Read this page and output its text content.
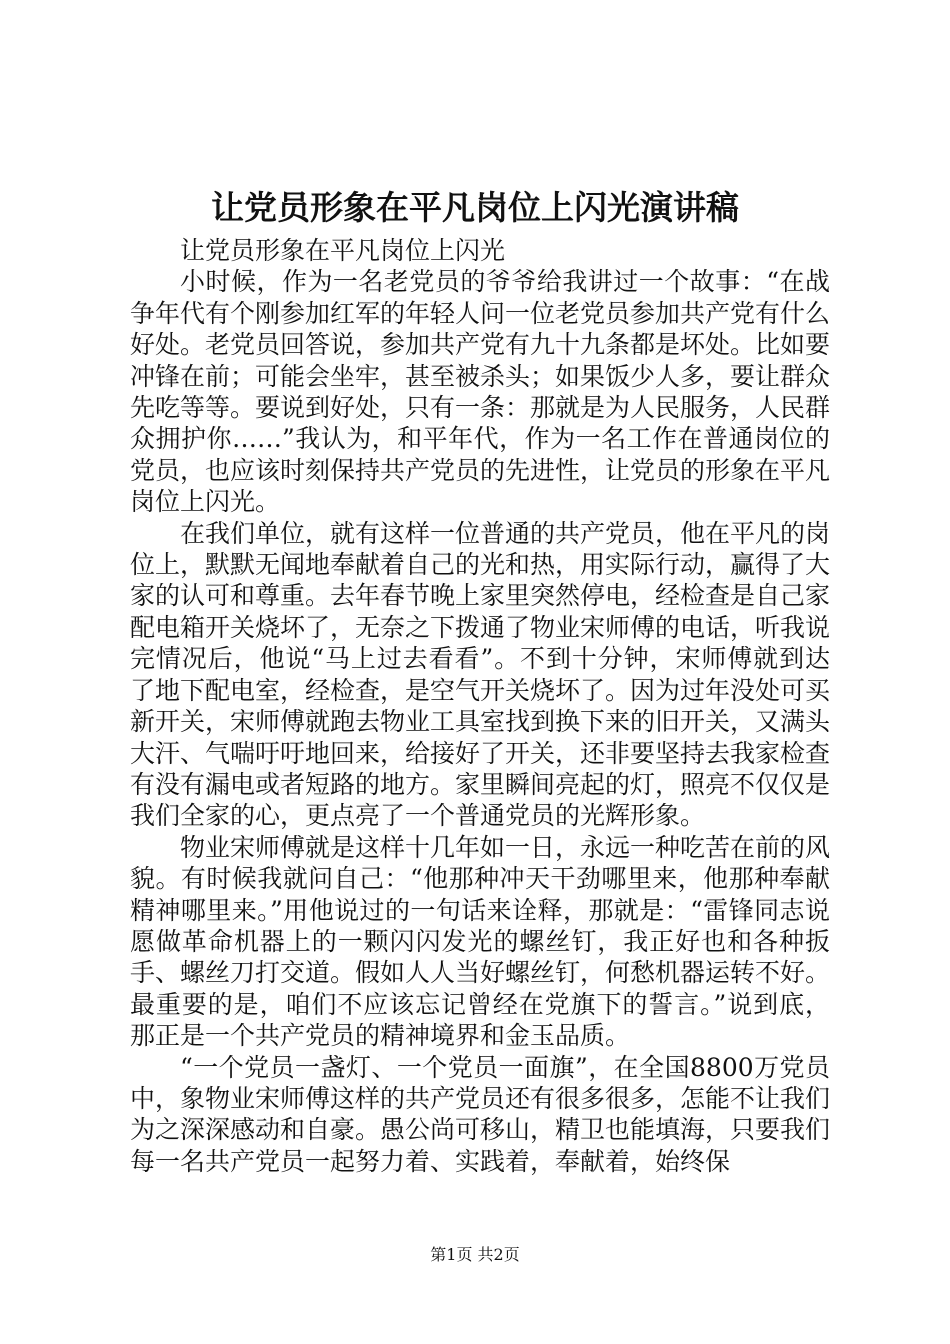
让党员形象在平凡岗位上闪光演讲稿

让党员形象在平凡岗位上闪光

小时候，作为一名老党员的爷爷给我讲过一个故事：“在战争年代有个刚参加红军的年轻人问一位老党员参加共产党有什么好处。老党员回答说，参加共产党有九十九条都是坏处。比如要冲锋在前；可能会坐牢，甚至被杀头；如果饭少人多，要让群众先吃等等。要说到好处，只有一条：那就是为人民服务，人民群众拥护你……”我认为，和平年代，作为一名工作在普通岗位的党员，也应该时刻保持共产党员的先进性，让党员的形象在平凡岗位上闪光。

在我们单位，就有这样一位普通的共产党员，他在平凡的岗位上，默默无闻地奉献着自己的光和热，用实际行动，赢得了大家的认可和尊重。去年春节晚上家里突然停电，经检查是自己家配电箱开关烧坏了，无奈之下拨通了物业宋师傅的电话，听我说完情况后，他说“马上过去看看”。不到十分钟，宋师傅就到达了地下配电室，经检查，是空气开关烧坏了。因为过年没处可买新开关，宋师傅就跑去物业工具室找到换下来的旧开关，又满头大汗、气喘吁吁地回来，给接好了开关，还非要坚持去我家检查有没有漏电或者短路的地方。家里瞬间亮起的灯，照亮不仅仅是我们全家的心，更点亮了一个普通党员的光辉形象。

物业宋师傅就是这样十几年如一日，永远一种吃苦在前的风貌。有时候我就问自己：“他那种冲天干劲哪里来，他那种奉献精神哪里来。”用他说过的一句话来诠释，那就是：“雷锋同志说愿做革命机器上的一颗闪闪发光的螺丝钉，我正好也和各种扳手、螺丝刀打交道。假如人人当好螺丝钉，何愁机器运转不好。最重要的是，咱们不应该忘记曾经在党旗下的誓言。”说到底，那正是一个共产党员的精神境界和金玉品质。

“一个党员一盏灯、一个党员一面旗”，在全国8800万党员中，象物业宋师傅这样的共产党员还有很多很多，怎能不让我们为之深深感动和自豪。愚公尚可移山，精卫也能填海，只要我们每一名共产党员一起努力着、实践着，奉献着，始终保

第1页 共2页
